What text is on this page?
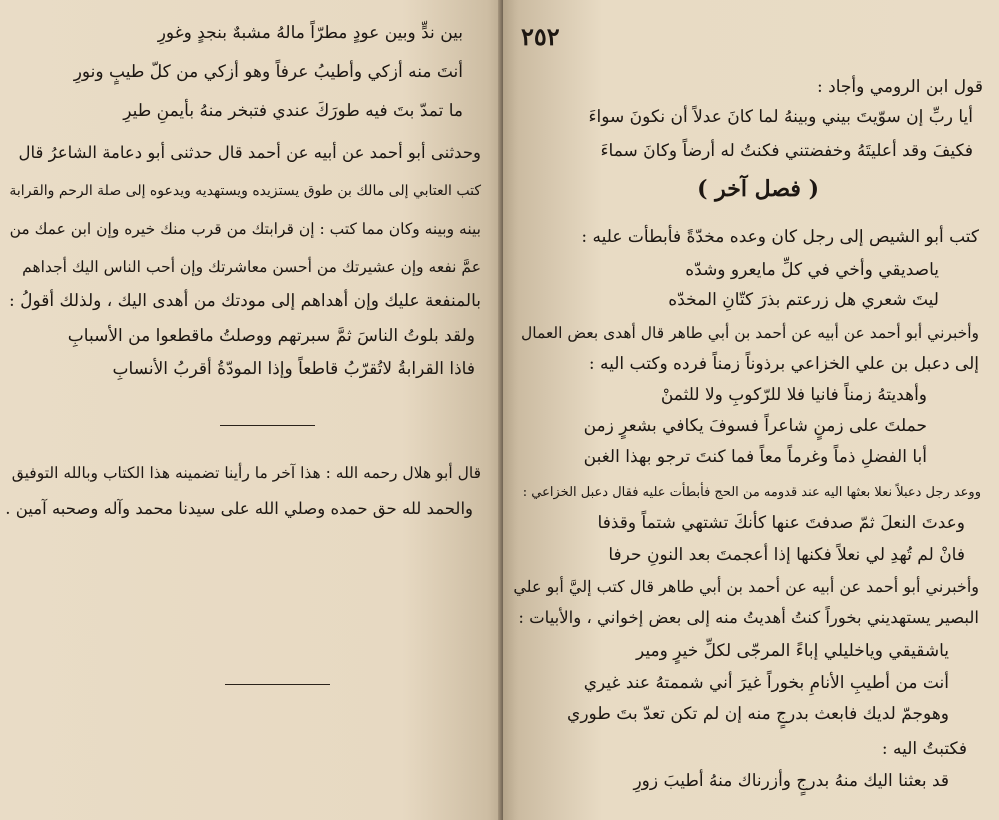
بين ندٍّ وبين عودٍ مطرّاً مالهُ مشبهٌ بنجدٍ وغورِ
أنتَ منه أزكي وأطيبُ عرفاً وهو أزكي من كلّ طيبٍ ونورِ
ما تمدّ بتَ فيه طورَكَ عندي فتبخر منهُ بأيمنِ طيرِ
وحدثنى أبو أحمد عن أبيه عن أحمد قال حدثنى أبو دعامة الشاعرُ قال
كتب العتابي إلى مالك بن طوق يستزيده ويستهديه ويدعوه إلى صلة الرحم والقرابة
بينه وبينه وكان مما كتب : إن قرابتك من قرب منك خيره وإن ابن عمك من
عمَّ نفعه وإن عشيرتك من أحسن معاشرتك وإن أحب الناس اليك أجداهم
بالمنفعة عليك وإن أهداهم إلى مودتك من أهدى اليك ، ولذلك أقولُ :
ولقد بلوتُ الناسَ ثمَّ سبرتهم ووصلتُ ماقطعوا من الأسبابِ
فاذا القرابةُ لاتُقرّبُ قاطعاً وإذا المودّةُ أقربُ الأنسابِ
قال أبو هلال رحمه الله : هذا آخر ما رأينا تضمينه هذا الكتاب وبالله التوفيق
والحمد لله حق حمده وصلي الله على سيدنا محمد وآله وصحبه آمين .
٢٥٢
قول ابن الرومي وأجاد :
أيا ربِّ إن سوّيتَ بيني وبينهُ لما كانَ عدلاً أن نكونَ سواءَ
فكيفَ وقد أعليتَهُ وخفضتني فكنتُ له أرضاً وكانَ سماءَ
( فصل آخر )
كتب أبو الشيص إلى رجل كان وعده مخدّةً فأبطأت عليه :
ياصديقي وأخي في كلِّ مايعرو وشدّه
ليتَ شعري هل زرعتم بذرَ كتّانِ المخدّه
وأخبرني أبو أحمد عن أبيه عن أحمد بن أبي طاهر قال أهدى بعض العمال
إلى دعبل بن علي الخزاعي برذوناً زمناً فرده وكتب اليه :
وأهديتهُ زمناً فانيا فلا للرّكوبِ ولا للثمنْ
حملتَ على زمنٍ شاعراً فسوفَ يكافي بشعرٍ زمن
أبا الفضلِ ذماً وغرماً معاً فما كنتَ ترجو بهذا الغبن
ووعد رجل دعبلاً نعلا بعثها اليه عند قدومه من الحج فأبطأت عليه فقال دعبل الخزاعي :
وعدتَ النعلَ ثمّ صدفتَ عنها كأنكَ تشتهي شتماً وقذفا
فانْ لم تُهدِ لي نعلاً فكنها إذا أعجمتَ بعد النونِ حرفا
وأخبرني أبو أحمد عن أبيه عن أحمد بن أبي طاهر قال كتب إليَّ أبو علي
البصير يستهديني بخوراً كنتُ أهديتُ منه إلى بعض إخواني ، والأبيات :
ياشقيقي وياخليلي إباءً المرجّى لكلِّ خيرٍ ومير
أنت من أطيبِ الأنامِ بخوراً غيرَ أني شممتهُ عند غيري
وهوجمّ لديك فابعث بدرجٍ منه إن لم تكن تعدّ بتَ طوري
فكتبتُ اليه :
قد بعثنا اليك منهُ بدرجٍ وأزرناك منهُ أطيبَ زورِ
